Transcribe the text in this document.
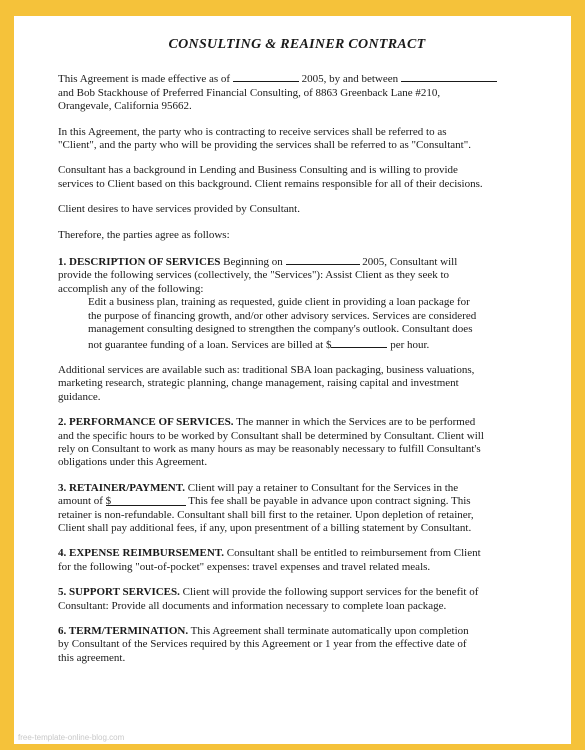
CONSULTING & REAINER CONTRACT

This Agreement is made effective as of	2005, by and between
and Bob Stackhouse of Preferred Financial Consulting, of 8863 Greenback Lane #210,
Orangevale, California 95662.

In this Agreement, the party who is contracting to receive services shall be referred to as
"Client", and the party who will be providing the services shall be referred to as "Consultant".

Consultant has a background in Lending and Business Consulting and is willing to provide
services to Client based on this background. Client remains responsible for all of their decisions.

Client desires to have services provided by Consultant.

Therefore, the parties agree as follows:

1. DESCRIPTION OF SERVICES Beginning on	2005, Consultant will
provide the following services (collectively, the "Services"): Assist Client as they seek to
accomplish any of the following:
Edit a business plan, training as requested, guide client in providing a loan package for
the purpose of financing growth, and/or other advisory services. Services are considered
management consulting designed to strengthen the company's outlook. Consultant does
not guarantee funding of a loan. Services are billed at $	per hour.

Additional services are available such as: traditional SBA loan packaging, business valuations,
marketing research, strategic planning, change management, raising capital and investment
guidance.

2. PERFORMANCE OF SERVICES. The manner in which the Services are to be performed
and the specific hours to be worked by Consultant shall be determined by Consultant. Client will
rely on Consultant to work as many hours as may be reasonably necessary to fulfill Consultant's
obligations under this Agreement.

3. RETAINER/PAYMENT. Client will pay a retainer to Consultant for the Services in the
amount of $	This fee shall be payable in advance upon contract signing. This
retainer is non-refundable. Consultant shall bill first to the retainer. Upon depletion of retainer,
Client shall pay additional fees, if any, upon presentment of a billing statement by Consultant.

4. EXPENSE REIMBURSEMENT. Consultant shall be entitled to reimbursement from Client
for the following "out-of-pocket" expenses: travel expenses and travel related meals.

5. SUPPORT SERVICES. Client will provide the following support services for the benefit of
Consultant: Provide all documents and information necessary to complete loan package.

6. TERM/TERMINATION. This Agreement shall terminate automatically upon completion
by Consultant of the Services required by this Agreement or 1 year from the effective date of
this agreement.

free-template-online-blog.com
